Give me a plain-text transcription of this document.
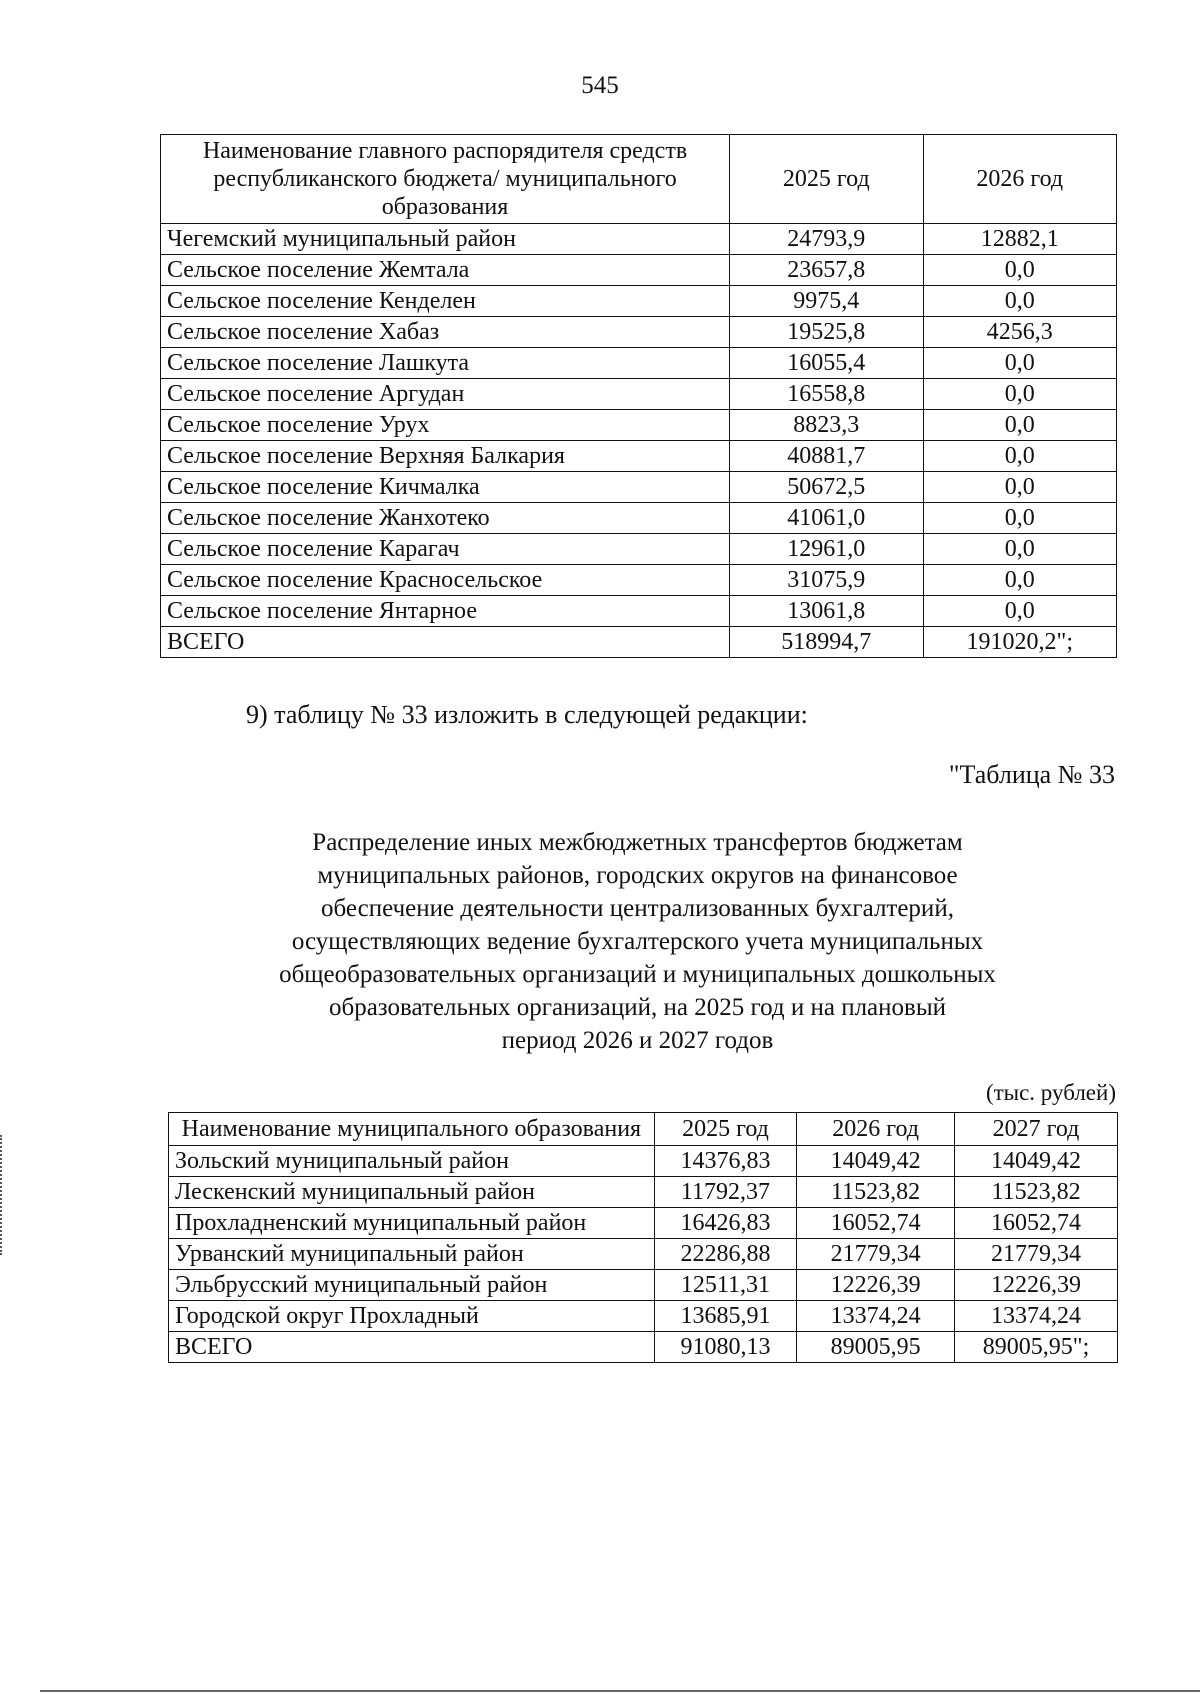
545
Наименование главного распорядителя средств республиканского бюджета/ муниципального образования	2025 год	2026 год
Чегемский муниципальный район	24793,9	12882,1
Сельское поселение Жемтала	23657,8	0,0
Сельское поселение Кенделен	9975,4	0,0
Сельское поселение Хабаз	19525,8	4256,3
Сельское поселение Лашкута	16055,4	0,0
Сельское поселение Аргудан	16558,8	0,0
Сельское поселение Урух	8823,3	0,0
Сельское поселение Верхняя Балкария	40881,7	0,0
Сельское поселение Кичмалка	50672,5	0,0
Сельское поселение Жанхотеко	41061,0	0,0
Сельское поселение Карагач	12961,0	0,0
Сельское поселение Красносельское	31075,9	0,0
Сельское поселение Янтарное	13061,8	0,0
ВСЕГО	518994,7	191020,2";
9) таблицу № 33 изложить в следующей редакции:
"Таблица № 33
Распределение иных межбюджетных трансфертов бюджетам
муниципальных районов, городских округов на финансовое
обеспечение деятельности централизованных бухгалтерий,
осуществляющих ведение бухгалтерского учета муниципальных
общеобразовательных организаций и муниципальных дошкольных
образовательных организаций, на 2025 год и на плановый
период 2026 и 2027 годов
(тыс. рублей)
Наименование муниципального образования	2025 год	2026 год	2027 год
Зольский муниципальный район	14376,83	14049,42	14049,42
Лескенский муниципальный район	11792,37	11523,82	11523,82
Прохладненский муниципальный район	16426,83	16052,74	16052,74
Урванский муниципальный район	22286,88	21779,34	21779,34
Эльбрусский муниципальный район	12511,31	12226,39	12226,39
Городской округ Прохладный	13685,91	13374,24	13374,24
ВСЕГО	91080,13	89005,95	89005,95";
